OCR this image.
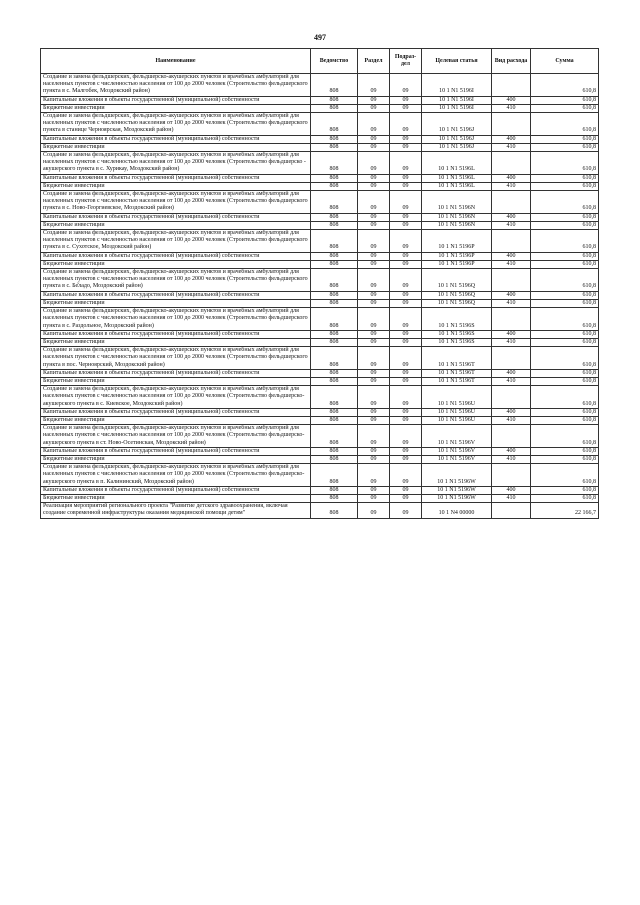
497
Наименование	Ведомство	Раздел	Подраз-дел	Целевая статья	Вид расхода	Сумма
Создание и замена фельдшерских, фельдшерско-акушерских пунктов и врачебных амбулаторий для населенных пунктов с численностью населения от 100 до 2000 человек (Строительство фельдшерского пункта в с. Малгобек, Моздокский район)	808	09	09	10 1 N1 5196I		610,8
Капитальные вложения в объекты государственной (муниципальной) собственности	808	09	09	10 1 N1 5196I	400	610,8
Бюджетные инвестиции	808	09	09	10 1 N1 5196I	410	610,8
Создание и замена фельдшерских, фельдшерско-акушерских пунктов и врачебных амбулаторий для населенных пунктов с численностью населения от 100 до 2000 человек (Строительство фельдшерского пункта в станице Черноярская, Моздокский район)	808	09	09	10 1 N1 5196J		610,8
Капитальные вложения в объекты государственной (муниципальной) собственности	808	09	09	10 1 N1 5196J	400	610,8
Бюджетные инвестиции	808	09	09	10 1 N1 5196J	410	610,8
Создание и замена фельдшерских, фельдшерско-акушерских пунктов и врачебных амбулаторий для населенных пунктов с численностью населения от 100 до 2000 человек (Строительство фельдшерско - акушерского пункта в с. Хурикау, Моздокский район)	808	09	09	10 1 N1 5196L		610,8
Капитальные вложения в объекты государственной (муниципальной) собственности	808	09	09	10 1 N1 5196L	400	610,8
Бюджетные инвестиции	808	09	09	10 1 N1 5196L	410	610,8
Создание и замена фельдшерских, фельдшерско-акушерских пунктов и врачебных амбулаторий для населенных пунктов с численностью населения от 100 до 2000 человек (Строительство фельдшерского пункта в с. Ново-Георгиевское, Моздокский район)	808	09	09	10 1 N1 5196N		610,8
Капитальные вложения в объекты государственной (муниципальной) собственности	808	09	09	10 1 N1 5196N	400	610,8
Бюджетные инвестиции	808	09	09	10 1 N1 5196N	410	610,8
Создание и замена фельдшерских, фельдшерско-акушерских пунктов и врачебных амбулаторий для населенных пунктов с численностью населения от 100 до 2000 человек (Строительство фельдшерского пункта в с. Сухотское, Моздокский район)	808	09	09	10 1 N1 5196P		610,8
Капитальные вложения в объекты государственной (муниципальной) собственности	808	09	09	10 1 N1 5196P	400	610,8
Бюджетные инвестиции	808	09	09	10 1 N1 5196P	410	610,8
Создание и замена фельдшерских, фельдшерско-акушерских пунктов и врачебных амбулаторий для населенных пунктов с численностью населения от 100 до 2000 человек (Строительство фельдшерского пункта в с. Бе̌ладо, Моздокский район)	808	09	09	10 1 N1 5196Q		610,8
Капитальные вложения в объекты государственной (муниципальной) собственности	808	09	09	10 1 N1 5196Q	400	610,8
Бюджетные инвестиции	808	09	09	10 1 N1 5196Q	410	610,8
Создание и замена фельдшерских, фельдшерско-акушерских пунктов и врачебных амбулаторий для населенных пунктов с численностью населения от 100 до 2000 человек (Строительство фельдшерского пункта в с. Раздольное, Моздокский район)	808	09	09	10 1 N1 5196S		610,8
Капитальные вложения в объекты государственной (муниципальной) собственности	808	09	09	10 1 N1 5196S	400	610,8
Бюджетные инвестиции	808	09	09	10 1 N1 5196S	410	610,8
Создание и замена фельдшерских, фельдшерско-акушерских пунктов и врачебных амбулаторий для населенных пунктов с численностью населения от 100 до 2000 человек (Строительство фельдшерского пункта в пос. Черноярский, Моздокский район)	808	09	09	10 1 N1 5196T		610,8
Капитальные вложения в объекты государственной (муниципальной) собственности	808	09	09	10 1 N1 5196T	400	610,8
Бюджетные инвестиции	808	09	09	10 1 N1 5196T	410	610,8
Создание и замена фельдшерских, фельдшерско-акушерских пунктов и врачебных амбулаторий для населенных пунктов с численностью населения от 100 до 2000 человек (Строительство фельдшерско-акушерского пункта в с. Киевское, Моздокский район)	808	09	09	10 1 N1 5196U		610,8
Капитальные вложения в объекты государственной (муниципальной) собственности	808	09	09	10 1 N1 5196U	400	610,8
Бюджетные инвестиции	808	09	09	10 1 N1 5196U	410	610,8
Создание и замена фельдшерских, фельдшерско-акушерских пунктов и врачебных амбулаторий для населенных пунктов с численностью населения от 100 до 2000 человек (Строительство фельдшерско-акушерского пункта в ст. Ново-Осетинская, Моздокский район)	808	09	09	10 1 N1 5196V		610,8
Капитальные вложения в объекты государственной (муниципальной) собственности	808	09	09	10 1 N1 5196V	400	610,8
Бюджетные инвестиции	808	09	09	10 1 N1 5196V	410	610,8
Создание и замена фельдшерских, фельдшерско-акушерских пунктов и врачебных амбулаторий для населенных пунктов с численностью населения от 100 до 2000 человек (Строительство фельдшерско-акушерского пункта в п. Калининский, Моздокский район)	808	09	09	10 1 N1 5196W		610,8
Капитальные вложения в объекты государственной (муниципальной) собственности	808	09	09	10 1 N1 5196W	400	610,8
Бюджетные инвестиции	808	09	09	10 1 N1 5196W	410	610,8
Реализация мероприятий регионального проекта "Развитие детского здравоохранения, включая создание современной инфраструктуры оказания медицинской помощи детям"	808	09	09	10 1 N4 00000		22 166,7
